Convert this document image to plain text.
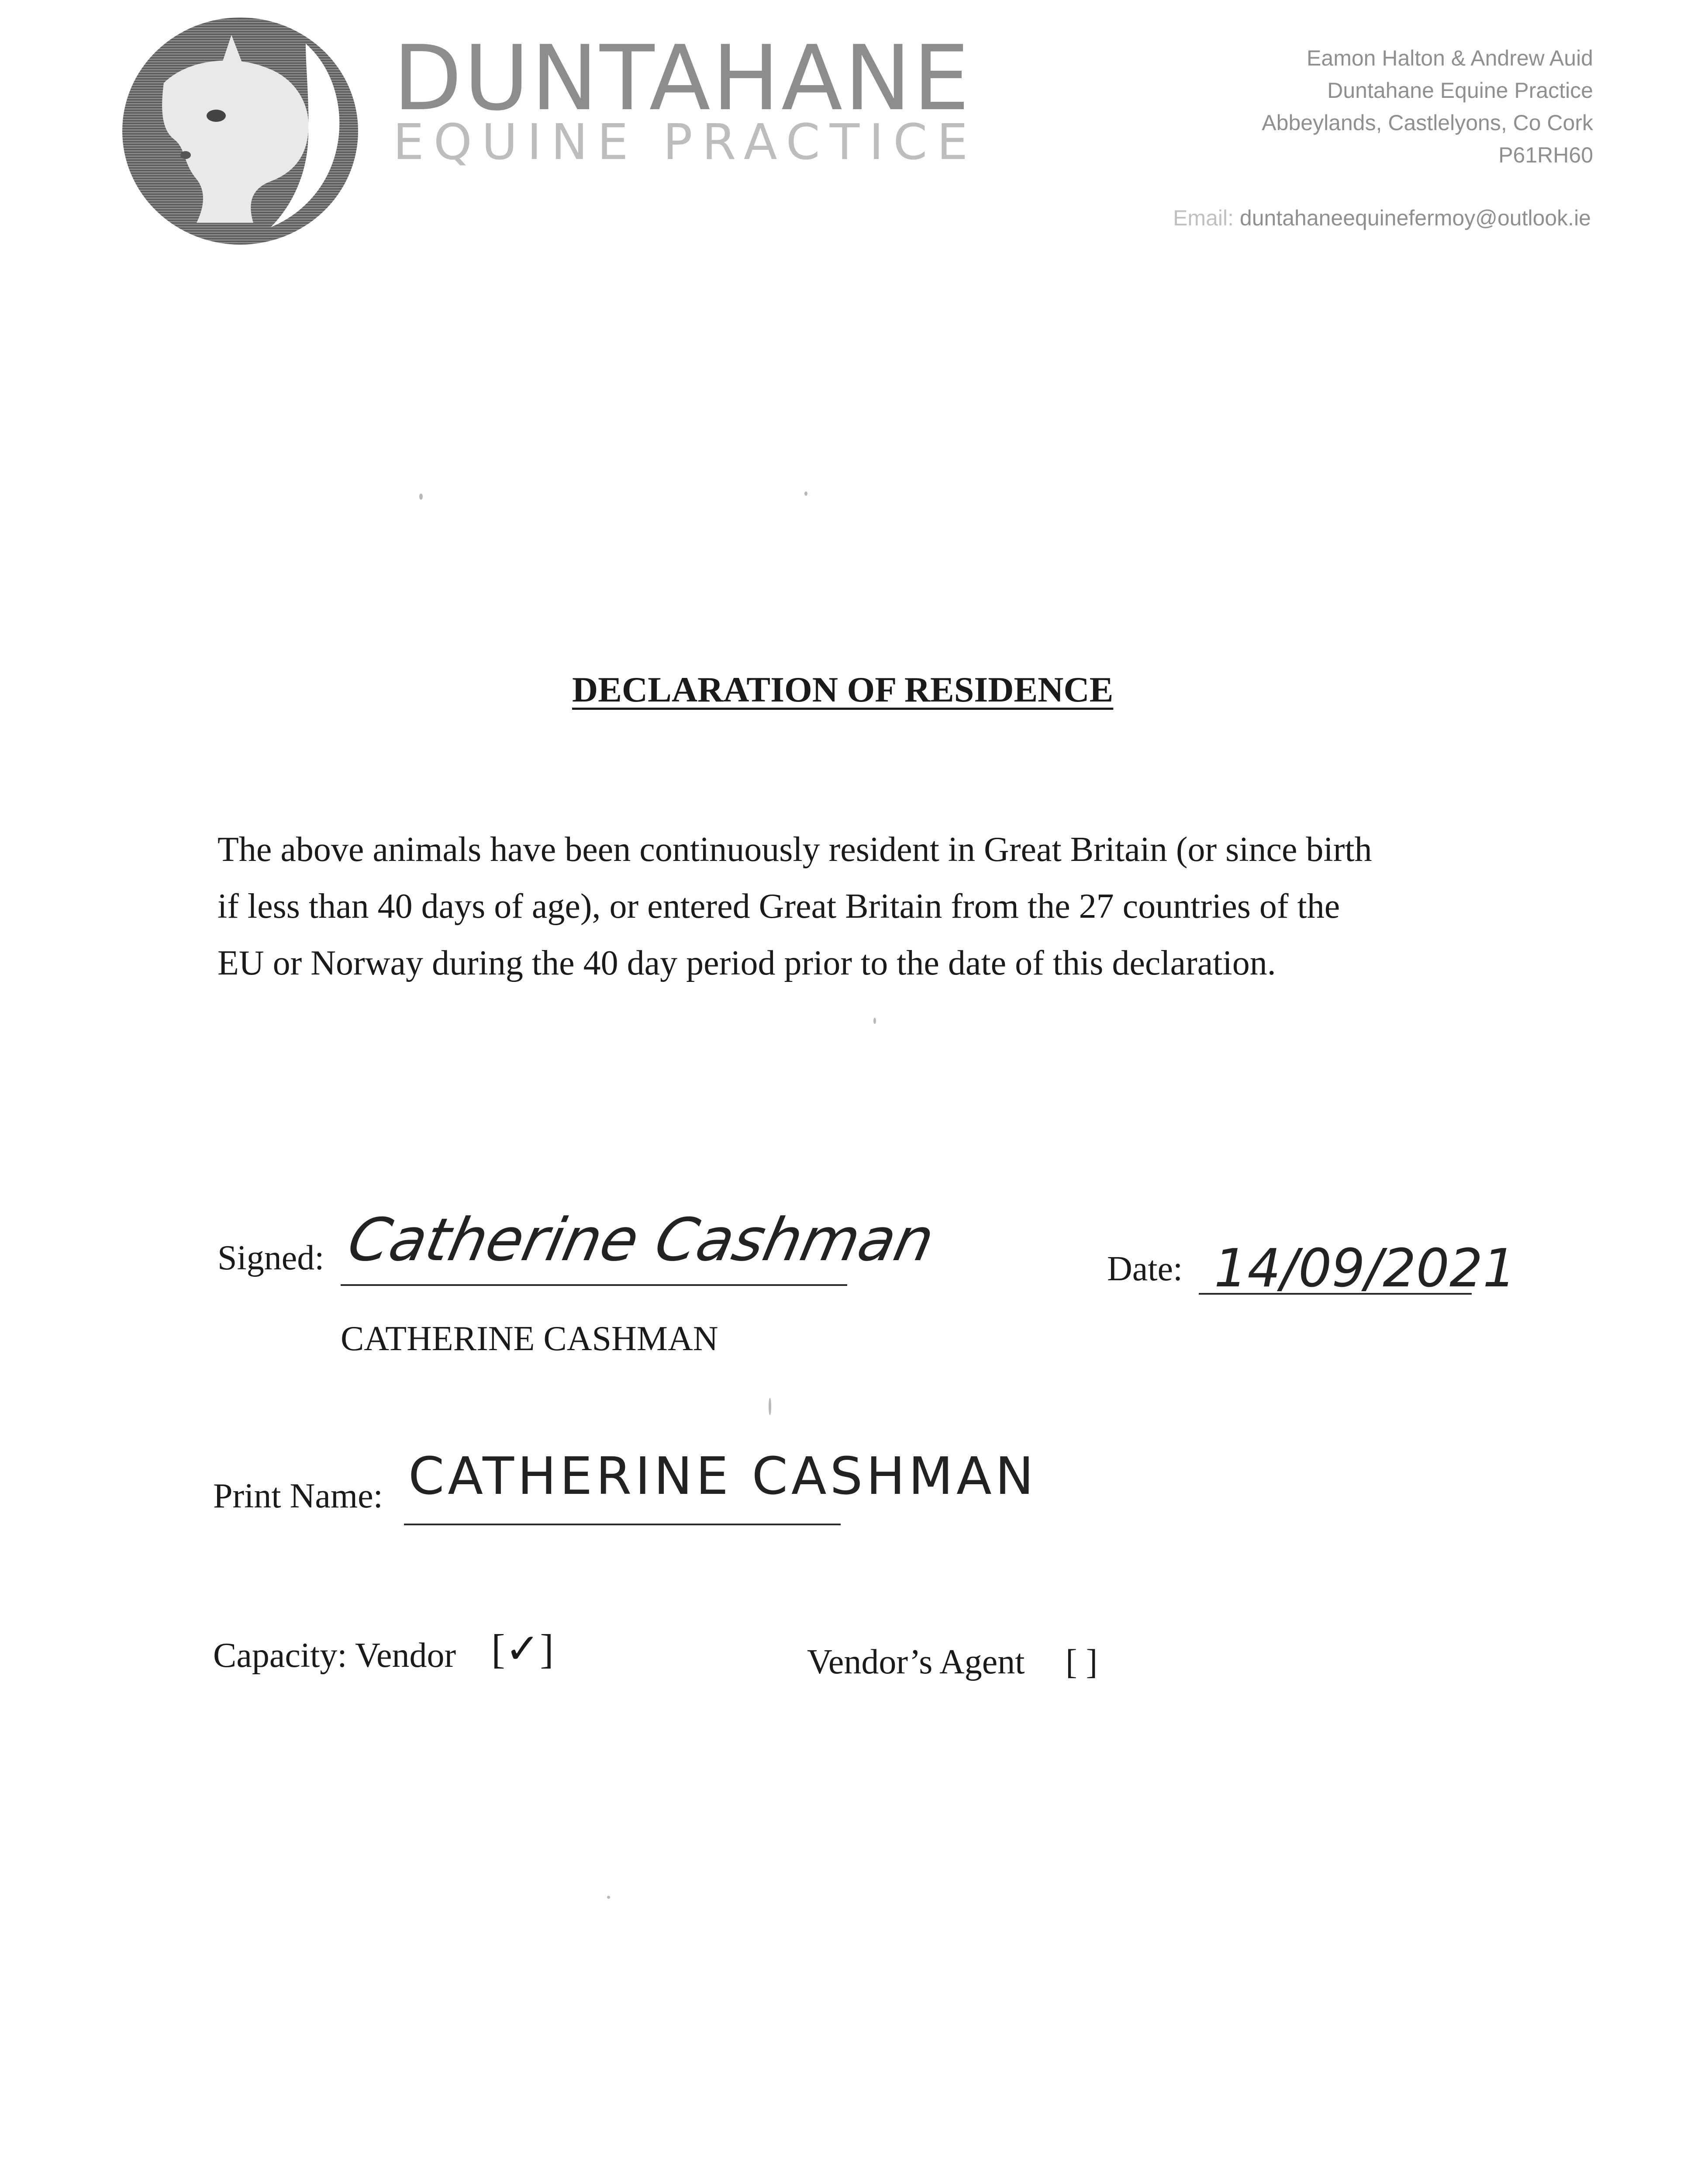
DUNTAHANE
EQUINE PRACTICE
Eamon Halton & Andrew Auid
Duntahane Equine Practice
Abbeylands, Castlelyons, Co Cork
P61RH60
Email: duntahaneequinefermoy@outlook.ie
DECLARATION OF RESIDENCE
The above animals have been continuously resident in Great Britain (or since birth
if less than 40 days of age), or entered Great Britain from the 27 countries of the
EU or Norway during the 40 day period prior to the date of this declaration.
Signed: Catherine Cashman
CATHERINE CASHMAN
Date: 14/09/2021
Print Name: CATHERINE CASHMAN
Capacity: Vendor [✓]	Vendor’s Agent [ ]
